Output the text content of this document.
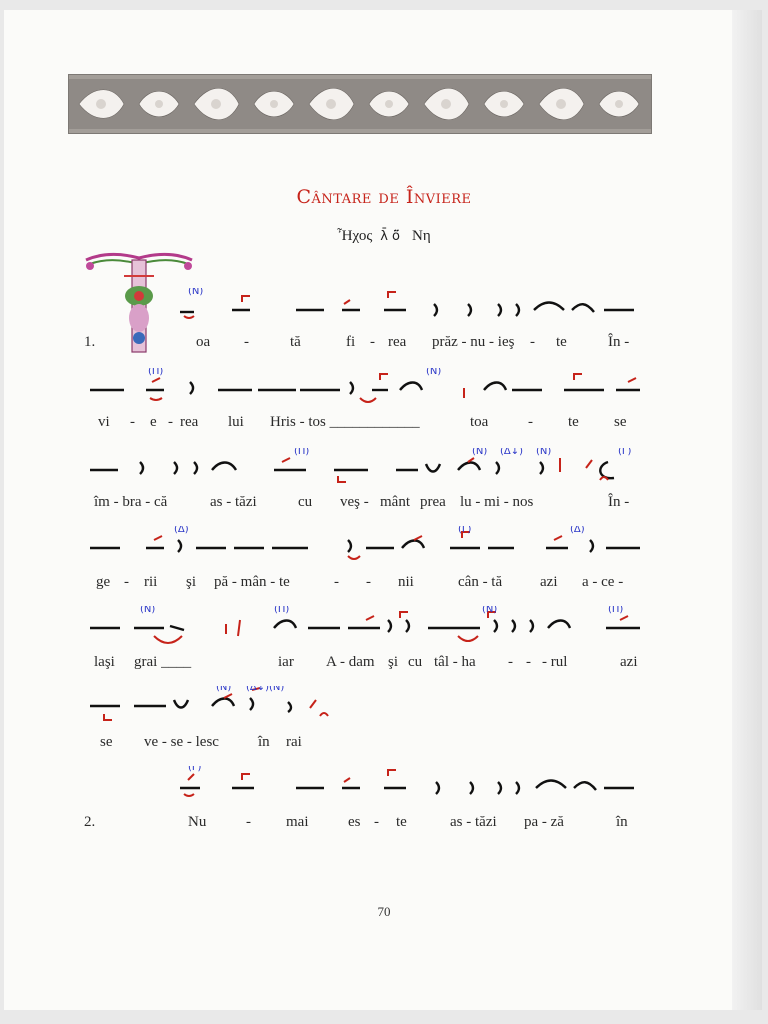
Cântare de Înviere
Ἦχος  λ̄ ö̈   Νη
(N)
1.	oa -	tă	fi - rea prăz - nu - ieş - te	În -
(Π)	(N)
vi - e - rea lui Hris - tos ____________	toa	- te se
(Π)	(N) (Δ↓) (N)	(Γ)
îm - bra - că	as - tăzi	cu veş - mânt prea lu - mi - nos	În -
(Δ)	(Γ)	(Δ)
ge - rii şi pă - mân - te	- - nii	cân - tă	azi a - ce -
(N)	(Π)	(N)	(Π)
laşi grai ____	iar A - dam şi cu tâl - ha - - - rul	azi
(N) (Δ↓)(N)
se ve - se - lesc	în rai
(Γ)
2.	Nu	- mai	es - te	as - tăzi pa - ză	în
70
